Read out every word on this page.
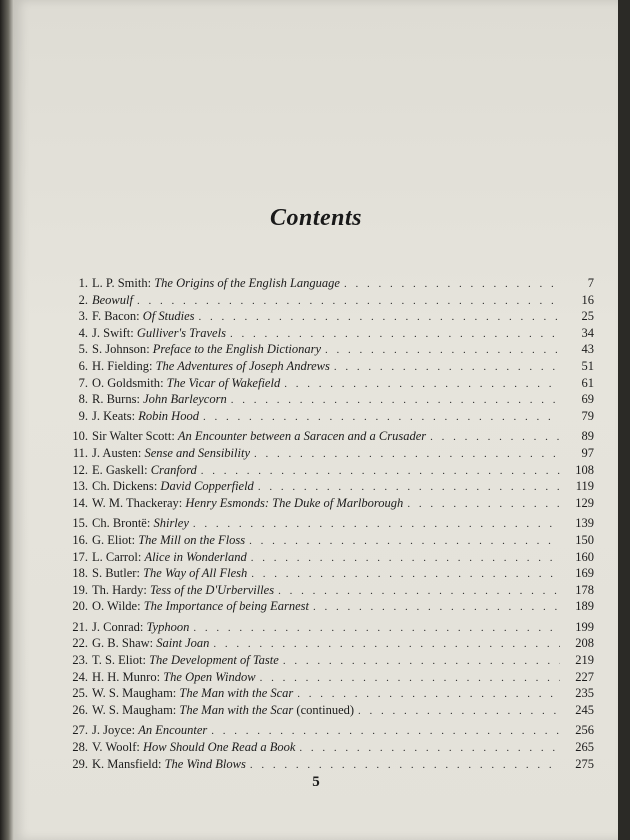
Contents
1. L. P. Smith : The Origins of the English Language . . .	7
2. Beowulf . . .	16
3. F. Bacon : Of Studies . . .	25
4. J. Swift : Gulliver's Travels . . .	34
5. S. Johnson : Preface to the English Dictionary . . .	43
6. H. Fielding : The Adventures of Joseph Andrews . . .	51
7. O. Goldsmith : The Vicar of Wakefield . . .	61
8. R. Burns : John Barleycorn . . .	69
9. J. Keats : Robin Hood . . .	79
10. Sir Walter Scott : An Encounter between a Saracen and a Crusader . . .	89
11. J. Austen : Sense and Sensibility . . .	97
12. E. Gaskell : Cranford . . .	108
13. Ch. Dickens : David Copperfield . . .	119
14. W. M. Thackeray : Henry Esmonds: The Duke of Marlborough . . .	129
15. Ch. Brontë : Shirley . . .	139
16. G. Eliot : The Mill on the Floss . . .	150
17. L. Carrol : Alice in Wonderland . . .	160
18. S. Butler : The Way of All Flesh . . .	169
19. Th. Hardy : Tess of the D'Urbervilles . . .	178
20. O. Wilde : The Importance of being Earnest . . .	189
21. J. Conrad : Typhoon . . .	199
22. G. B. Shaw : Saint Joan . . .	208
23. T. S. Eliot : The Development of Taste . . .	219
24. H. H. Munro : The Open Window . . .	227
25. W. S. Maugham : The Man with the Scar . . .	235
26. W. S. Maugham : The Man with the Scar (continued) . . .	245
27. J. Joyce : An Encounter . . .	256
28. V. Woolf : How Should One Read a Book . . .	265
29. K. Mansfield : The Wind Blows . . .	275
5
